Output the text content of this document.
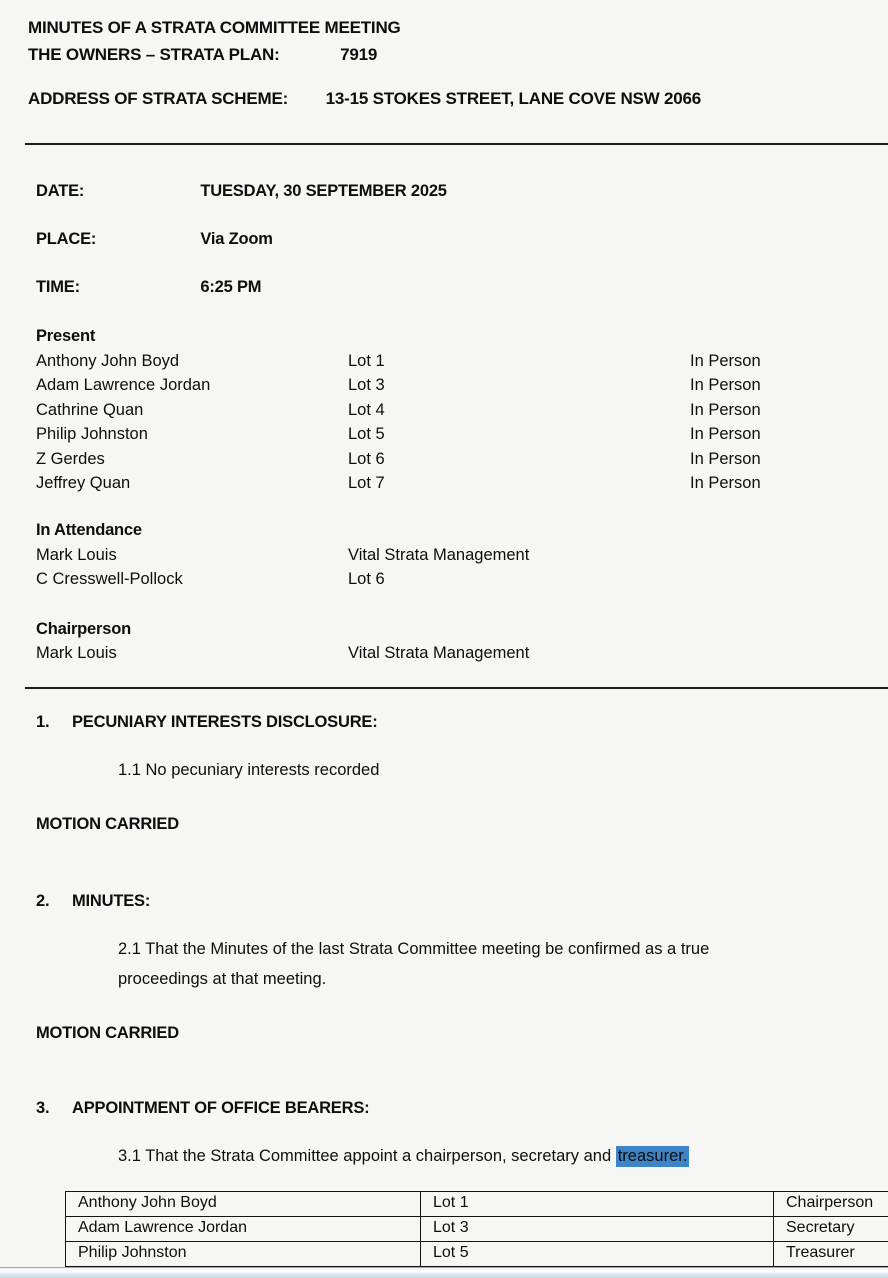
MINUTES OF A STRATA COMMITTEE MEETING
THE OWNERS – STRATA PLAN:	7919
ADDRESS OF STRATA SCHEME: 13-15 STOKES STREET, LANE COVE NSW 2066
DATE:	TUESDAY, 30 SEPTEMBER 2025
PLACE:	Via Zoom
TIME:	6:25 PM
Present
Anthony John Boyd	Lot 1	In Person
Adam Lawrence Jordan	Lot 3	In Person
Cathrine Quan	Lot 4	In Person
Philip Johnston	Lot 5	In Person
Z Gerdes	Lot 6	In Person
Jeffrey Quan	Lot 7	In Person
In Attendance
Mark Louis	Vital Strata Management
C Cresswell-Pollock	Lot 6
Chairperson
Mark Louis	Vital Strata Management
1. PECUNIARY INTERESTS DISCLOSURE:
1.1 No pecuniary interests recorded
MOTION CARRIED
2. MINUTES:
2.1 That the Minutes of the last Strata Committee meeting be confirmed as a true
proceedings at that meeting.
MOTION CARRIED
3. APPOINTMENT OF OFFICE BEARERS:
3.1 That the Strata Committee appoint a chairperson, secretary and treasurer.
Anthony John Boyd	Lot 1	Chairperson
Adam Lawrence Jordan	Lot 3	Secretary
Philip Johnston	Lot 5	Treasurer
